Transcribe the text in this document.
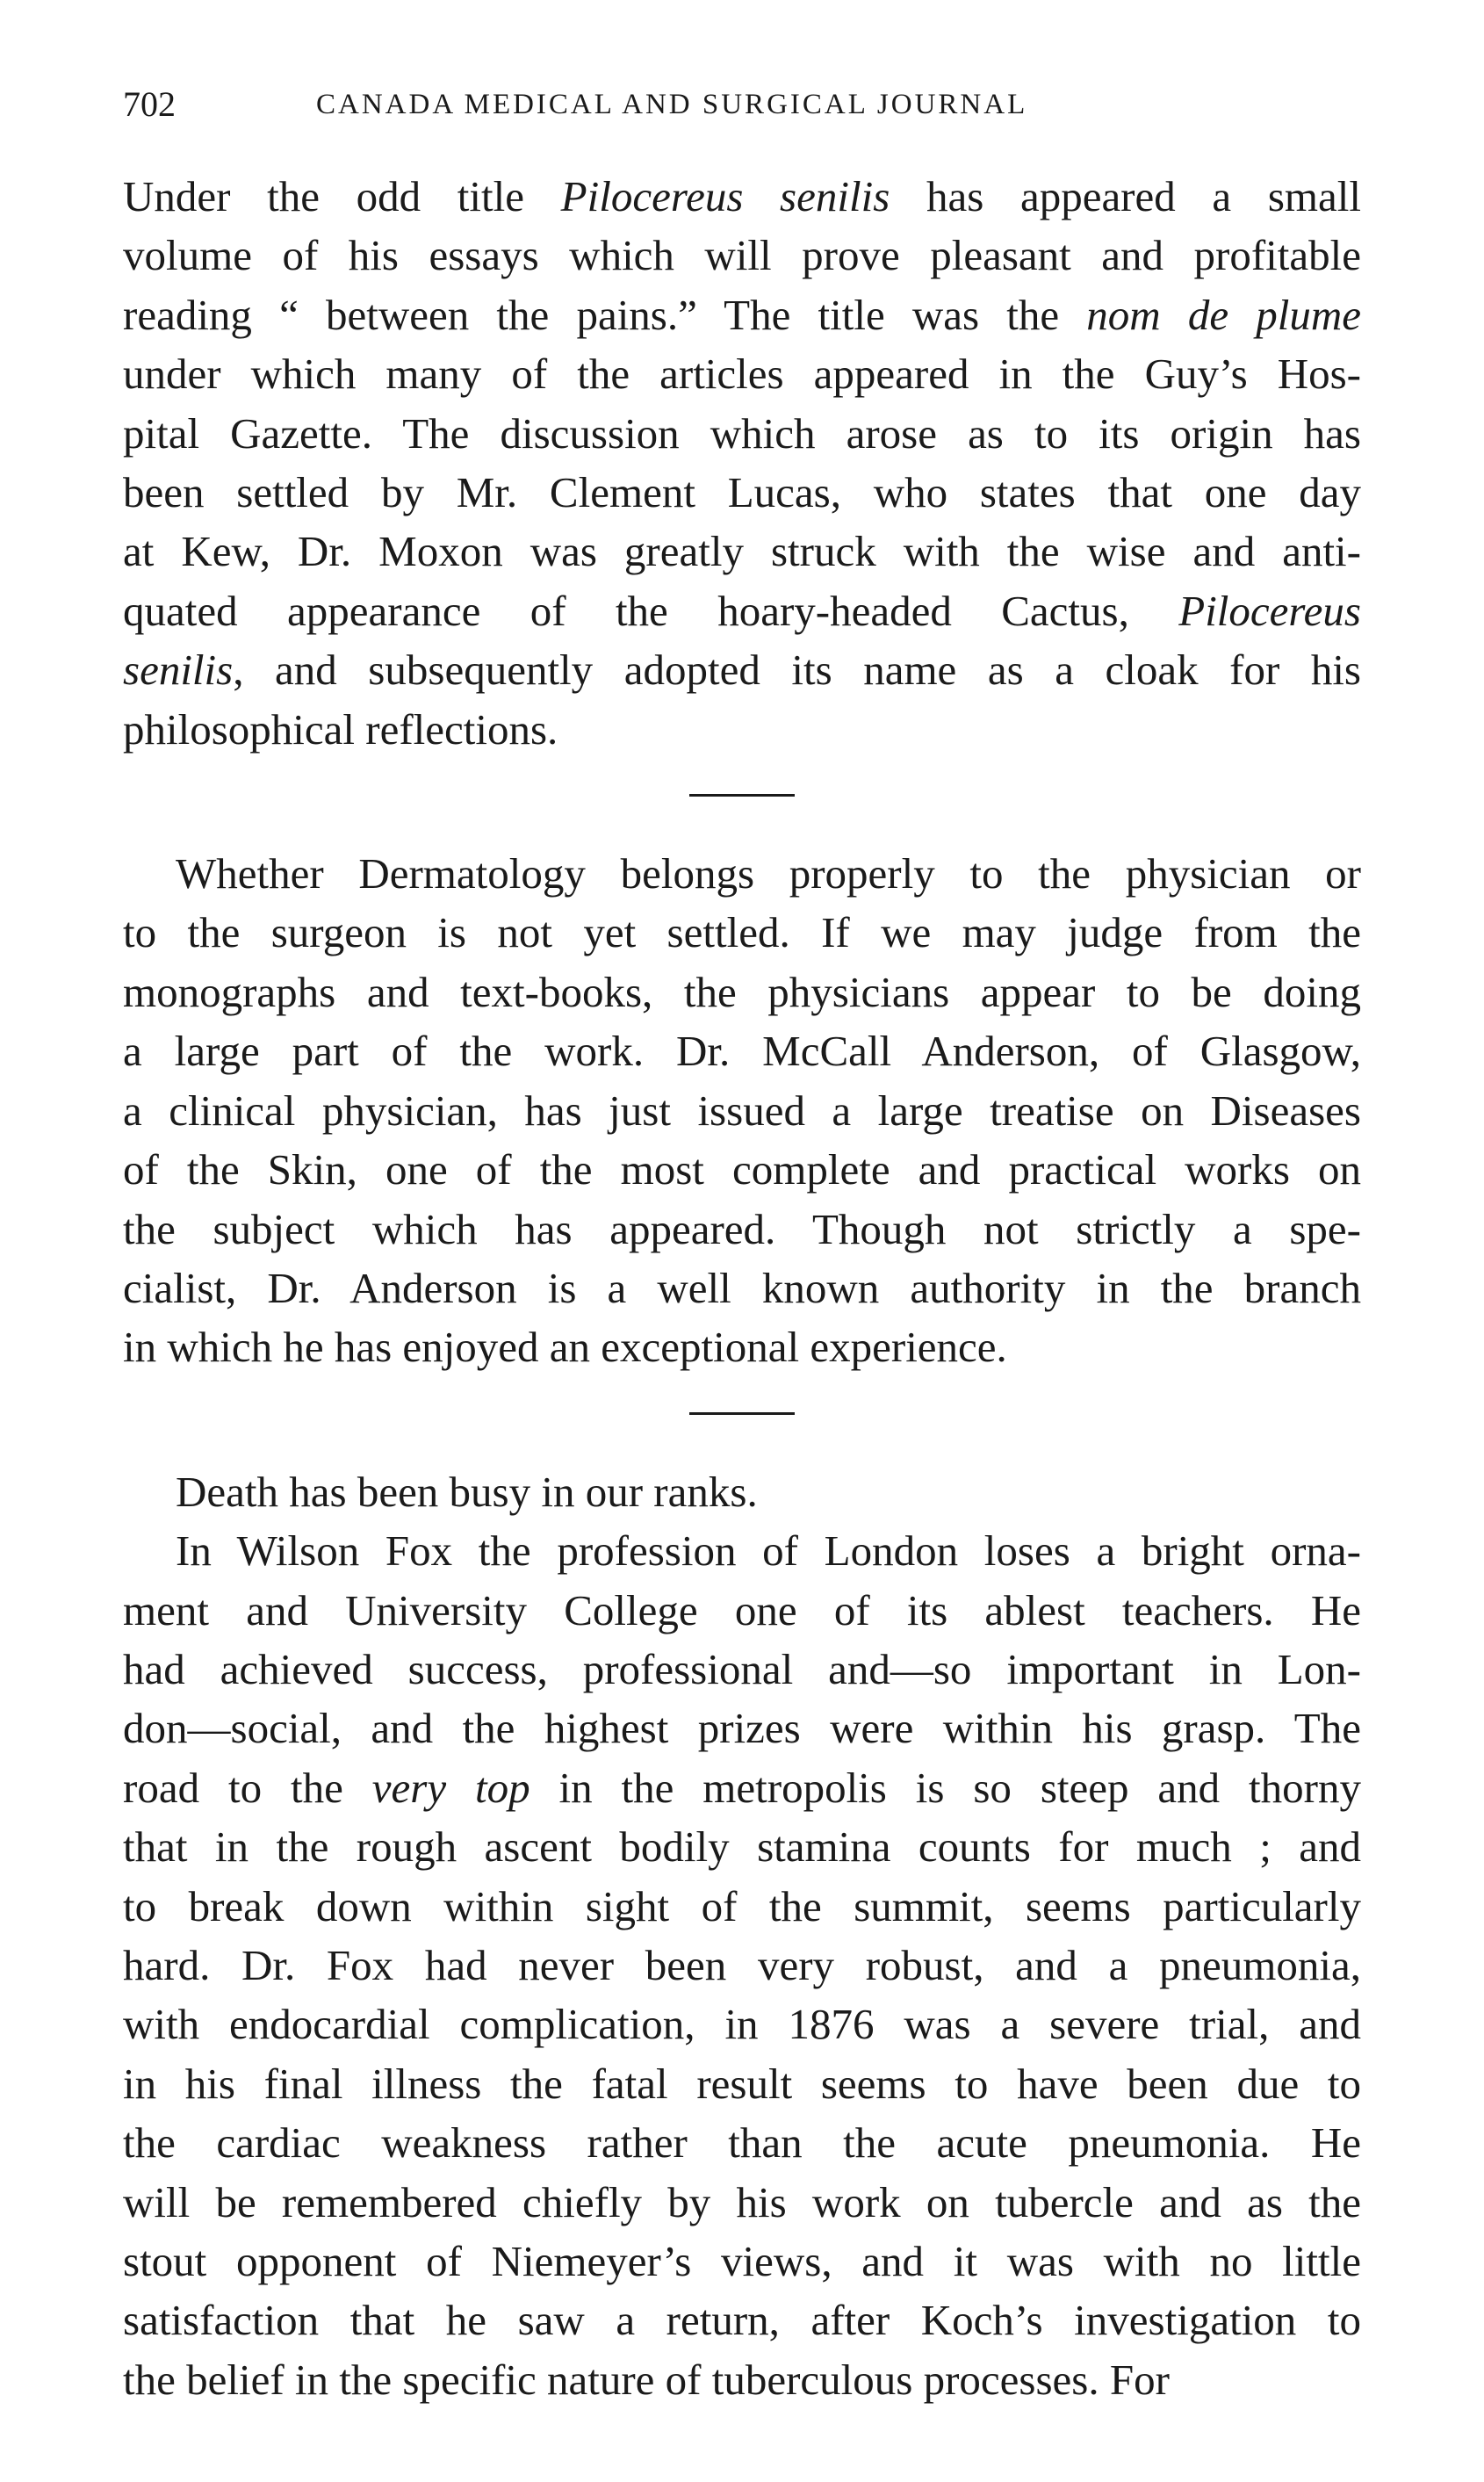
702	CANADA MEDICAL AND SURGICAL JOURNAL
Under the odd title Pilocereus senilis has appeared a small
volume of his essays which will prove pleasant and profitable
reading “ between the pains.” The title was the nom de plume
under which many of the articles appeared in the Guy’s Hos-
pital Gazette. The discussion which arose as to its origin has
been settled by Mr. Clement Lucas, who states that one day
at Kew, Dr. Moxon was greatly struck with the wise and anti-
quated appearance of the hoary-headed Cactus, Pilocereus
senilis, and subsequently adopted its name as a cloak for his
philosophical reflections.
Whether Dermatology belongs properly to the physician or
to the surgeon is not yet settled. If we may judge from the
monographs and text-books, the physicians appear to be doing
a large part of the work. Dr. McCall Anderson, of Glasgow,
a clinical physician, has just issued a large treatise on Diseases
of the Skin, one of the most complete and practical works on
the subject which has appeared. Though not strictly a spe-
cialist, Dr. Anderson is a well known authority in the branch
in which he has enjoyed an exceptional experience.
Death has been busy in our ranks.
In Wilson Fox the profession of London loses a bright orna-
ment and University College one of its ablest teachers. He
had achieved success, professional and—so important in Lon-
don—social, and the highest prizes were within his grasp. The
road to the very top in the metropolis is so steep and thorny
that in the rough ascent bodily stamina counts for much ; and
to break down within sight of the summit, seems particularly
hard. Dr. Fox had never been very robust, and a pneumonia,
with endocardial complication, in 1876 was a severe trial, and
in his final illness the fatal result seems to have been due to
the cardiac weakness rather than the acute pneumonia. He
will be remembered chiefly by his work on tubercle and as the
stout opponent of Niemeyer’s views, and it was with no little
satisfaction that he saw a return, after Koch’s investigation to
the belief in the specific nature of tuberculous processes. For
